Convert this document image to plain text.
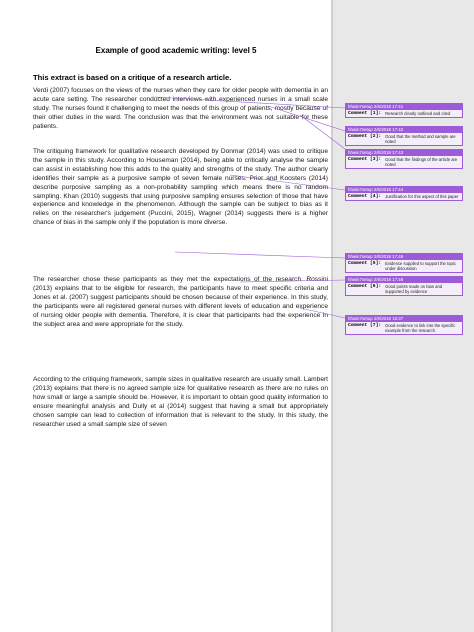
Example of good academic writing: level 5
This extract is based on a critique of a research article.
Verdi (2007) focuses on the views of the nurses when they care for older people with dementia in an acute care setting. The researcher conducted interviews with experienced nurses in a small scale study. The nurses found it challenging to meet the needs of this group of patients, mostly because of their other duties in the ward. The conclusion was that the environment was not suitable for these patients.
The critiquing framework for qualitative research developed by Donmar (2014) was used to critique the sample in this study. According to Houseman (2014), being able to critically analyse the sample can assist in establishing how this adds to the quality and strengths of the study. The author clearly identifies their sample as a purposive sample of seven female nurses. Prior and Koosters (2014) describe purposive sampling as a non-probability sampling which means there is no random sampling. Khan (2010) suggests that using purposive sampling ensures selection of those that have experience and knowledge in the phenomenon. Although the sample can be subject to bias as it relies on the researcher's judgement (Puccini, 2015), Wagner (2014) suggests there is a higher chance of bias in the sample only if the population is more diverse.
The researcher chose these participants as they met the expectations of the research. Rossini (2013) explains that to be eligible for research, the participants have to meet specific criteria and Jones et al. (2007) suggest participants should be chosen because of their experience. In this study, the participants were all registered general nurses with different levels of education and experience of nursing older people with dementia. Therefore, it is clear that participants had the experience in the subject area and were appropriate for the study.
According to the critiquing framework, sample sizes in qualitative research are usually small. Lambert (2013) explains that there is no agreed sample size for qualitative research as there are no rules on how small or large a sample should be. However, it is important to obtain good quality information to ensure meaningful analysis and Dully et al (2014) suggest that having a small but appropriately chosen sample can lead to collection of information that is relevant to the study. In this study, the researcher used a small sample size of seven
hhwin7setup 2/6/2018 17:41
Comment [1]: Research clearly outlined and cited
hhwin7setup 2/6/2018 17:42
Comment [2]: Good that the method and sample are noted
hhwin7setup 2/6/2018 17:43
Comment [3]: Good that the findings of the article are noted
hhwin7setup 2/6/2018 17:44
Comment [4]: Justification for this aspect of this paper
hhwin7setup 2/6/2018 17:46
Comment [5]: Evidence supplied to support the topic under discussion
hhwin7setup 2/6/2018 17:48
Comment [6]: Good points made on bias and supported by evidence
hhwin7setup 2/6/2018 18:37
Comment [7]: Good evidence to link into the specific example from the research.
